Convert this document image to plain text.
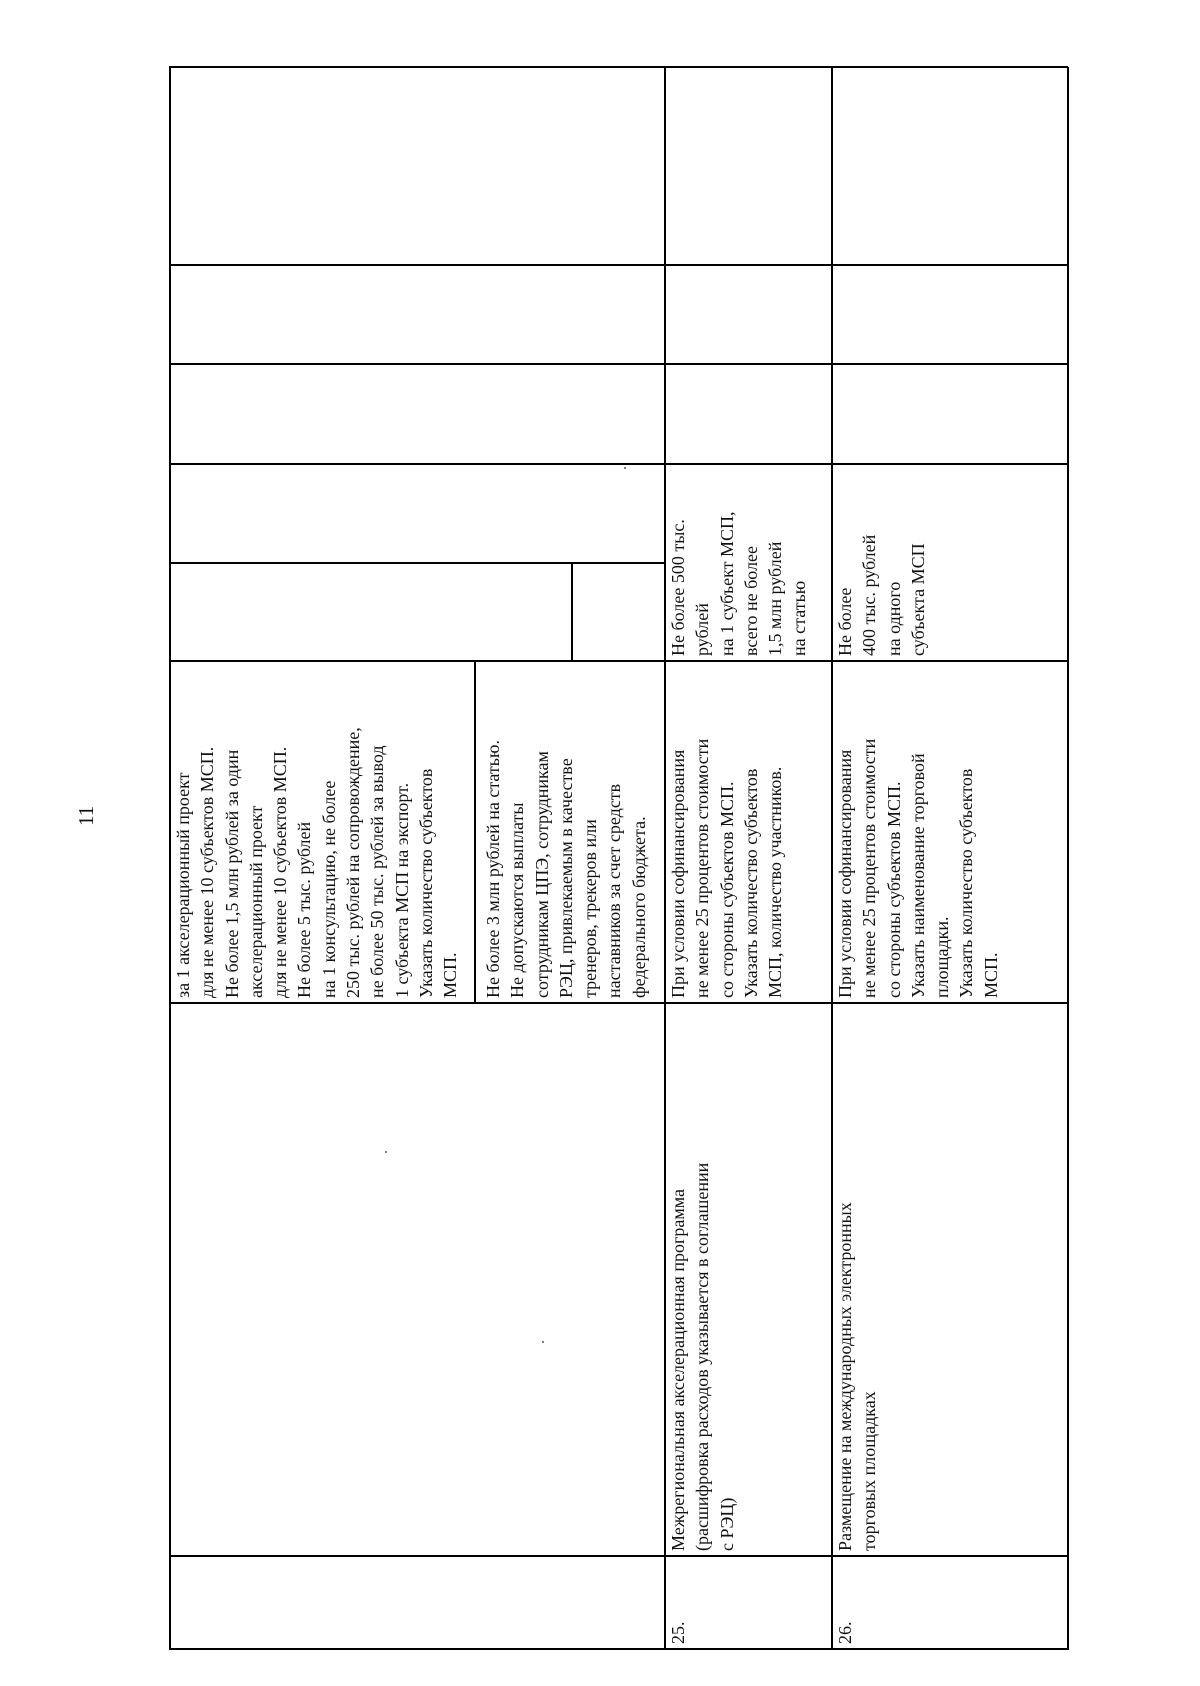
11	за 1 акселерационный проект для не менее 10 субъектов МСП. Не более 1,5 млн рублей за один акселерационный проект для не менее 10 субъектов МСП. Не более 5 тыс. рублей на 1 консультацию, не более 250 тыс. рублей на сопровождение, не более 50 тыс. рублей за вывод 1 субъекта МСП на экспорт. Указать количество субъектов МСП. Не более 3 млн рублей на статью. Не допускаются выплаты сотрудникам ЦПЭ, сотрудникам РЭЦ, привлекаемым в качестве тренеров, трекеров или наставников за счет средств федерального бюджета.
25.
Межрегиональная акселерационная программа (расшифровка расходов указывается в соглашении с РЭЦ)
При условии софинансирования не менее 25 процентов стоимости со стороны субъектов МСП. Указать количество субъектов МСП, количество участников.
Не более 500 тыс. рублей на 1 субъект МСП, всего не более 1,5 млн рублей на статью
26.
Размещение на международных электронных торговых площадках
При условии софинансирования не менее 25 процентов стоимости со стороны субъектов МСП. Указать наименование торговой площадки. Указать количество субъектов МСП.
Не более 400 тыс. рублей на одного субъекта МСП
